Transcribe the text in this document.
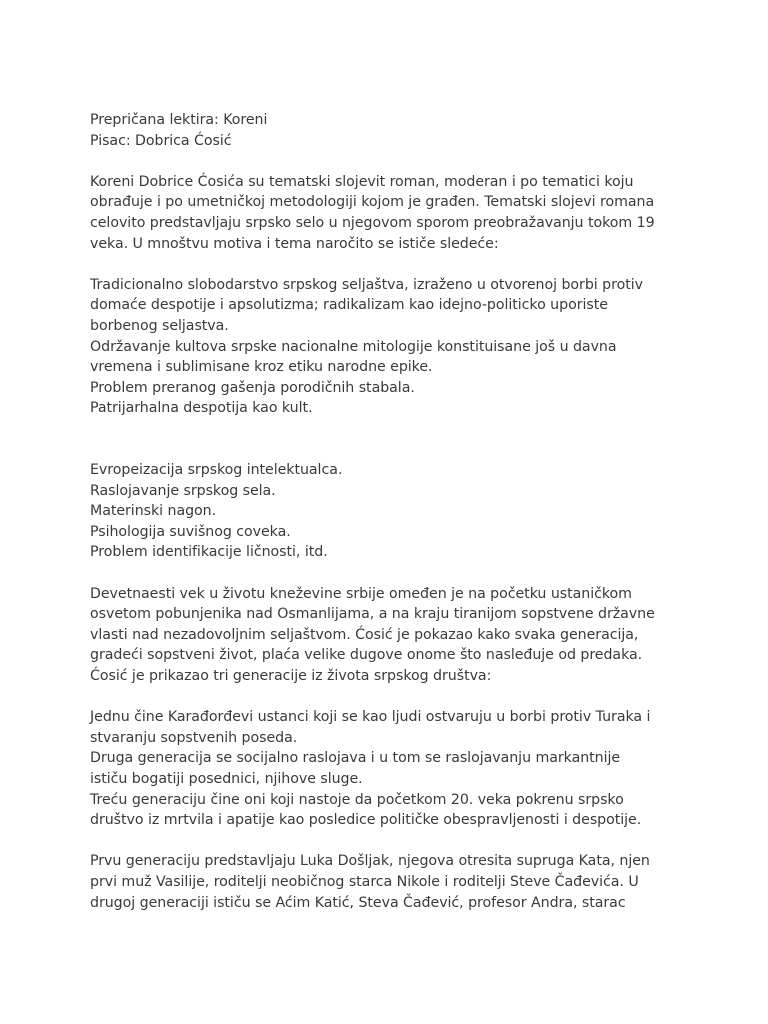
Prepričana lektira: Koreni
Pisac: Dobrica Ćosić
Koreni Dobrice Ćosića su tematski slojevit roman, moderan i po tematici koju
obrađuje i po umetničkoj metodologiji kojom je građen. Tematski slojevi romana
celovito predstavljaju srpsko selo u njegovom sporom preobražavanju tokom 19
veka. U mnoštvu motiva i tema naročito se ističe sledeće:
Tradicionalno slobodarstvo srpskog seljaštva, izraženo u otvorenoj borbi protiv
domaće despotije i apsolutizma; radikalizam kao idejno-politicko uporiste
borbenog seljastva.
Održavanje kultova srpske nacionalne mitologije konstituisane još u davna
vremena i sublimisane kroz etiku narodne epike.
Problem preranog gašenja porodičnih stabala.
Patrijarhalna despotija kao kult.
Evropeizacija srpskog intelektualca.
Raslojavanje srpskog sela.
Materinski nagon.
Psihologija suvišnog coveka.
Problem identifikacije ličnosti, itd.
Devetnaesti vek u životu kneževine srbije omeđen je na početku ustaničkom
osvetom pobunjenika nad Osmanlijama, a na kraju tiranijom sopstvene državne
vlasti nad nezadovoljnim seljaštvom. Ćosić je pokazao kako svaka generacija,
gradeći sopstveni život, plaća velike dugove onome što nasleđuje od predaka.
Ćosić je prikazao tri generacije iz života srpskog društva:
Jednu čine Karađorđevi ustanci koji se kao ljudi ostvaruju u borbi protiv Turaka i
stvaranju sopstvenih poseda.
Druga generacija se socijalno raslojava i u tom se raslojavanju markantnije
ističu bogatiji posednici, njihove sluge.
Treću generaciju čine oni koji nastoje da početkom 20. veka pokrenu srpsko
društvo iz mrtvila i apatije kao posledice političke obespravljenosti i despotije.
Prvu generaciju predstavljaju Luka Došljak, njegova otresita supruga Kata, njen
prvi muž Vasilije, roditelji neobičnog starca Nikole i roditelji Steve Čađevića. U
drugoj generaciji ističu se Aćim Katić, Steva Čađević, profesor Andra, starac
